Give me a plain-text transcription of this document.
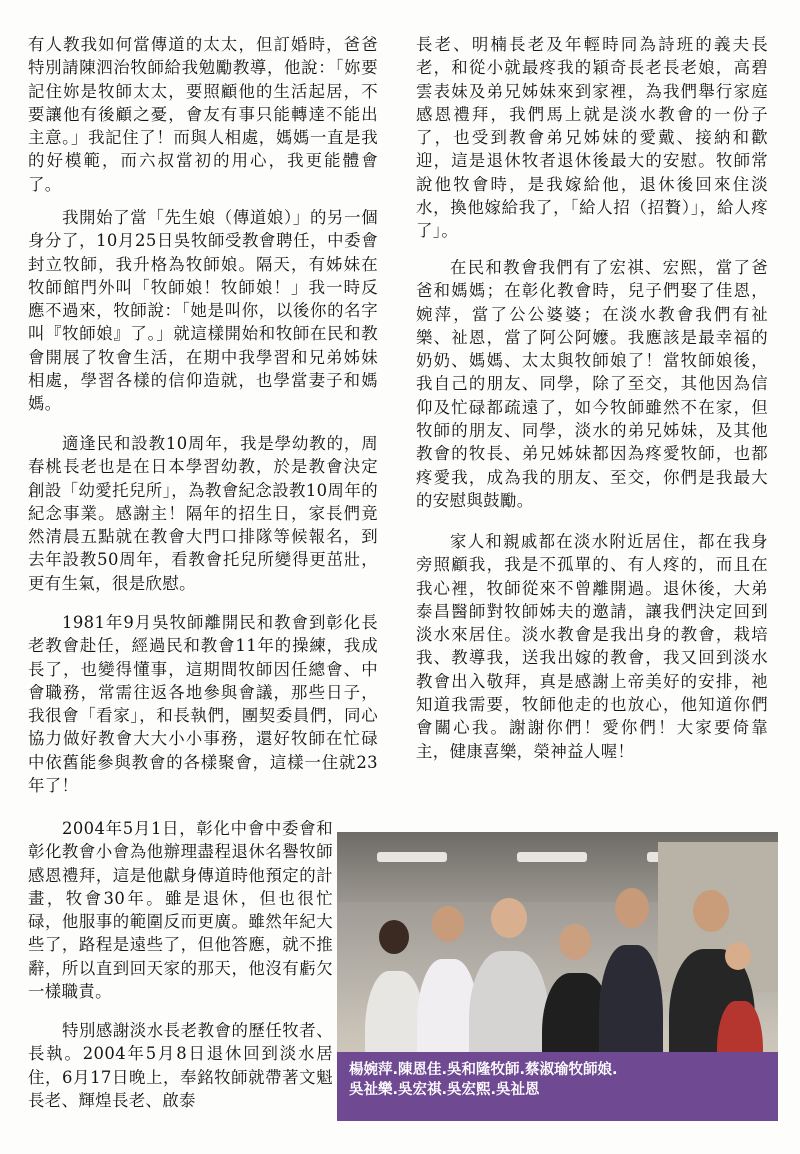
有人教我如何當傳道的太太，但訂婚時，爸爸特別請陳泗治牧師給我勉勵教導，他說：「妳要記住妳是牧師太太，要照顧他的生活起居，不要讓他有後顧之憂，會友有事只能轉達不能出主意。」我記住了！而與人相處，媽媽一直是我的好模範，而六叔當初的用心，我更能體會了。

我開始了當「先生娘（傳道娘）」的另一個身分了，10月25日吳牧師受教會聘任，中委會封立牧師，我升格為牧師娘。隔天，有姊妹在牧師館門外叫「牧師娘！牧師娘！」我一時反應不過來，牧師說：「她是叫你，以後你的名字叫『牧師娘』了。」就這樣開始和牧師在民和教會開展了牧會生活，在期中我學習和兄弟姊妹相處，學習各樣的信仰造就，也學當妻子和媽媽。

適逢民和設教10周年，我是學幼教的，周春桃長老也是在日本學習幼教，於是教會決定創設「幼愛托兒所」，為教會紀念設教10周年的紀念事業。感謝主！隔年的招生日，家長們竟然清晨五點就在教會大門口排隊等候報名，到去年設教50周年，看教會托兒所變得更茁壯，更有生氣，很是欣慰。

1981年9月吳牧師離開民和教會到彰化長老教會赴任，經過民和教會11年的操練，我成長了，也變得懂事，這期間牧師因任總會、中會職務，常需往返各地參與會議，那些日子，我很會「看家」，和長執們，團契委員們，同心協力做好教會大大小小事務，還好牧師在忙碌中依舊能參與教會的各樣聚會，這樣一住就23年了！

2004年5月1日，彰化中會中委會和彰化教會小會為他辦理盡程退休名譽牧師感恩禮拜，這是他獻身傳道時他預定的計畫，牧會30年。雖是退休，但也很忙碌，他服事的範圍反而更廣。雖然年紀大些了，路程是遠些了，但他答應，就不推辭，所以直到回天家的那天，他沒有虧欠一樣職責。

特別感謝淡水長老教會的歷任牧者、長執。2004年5月8日退休回到淡水居住，6月17日晚上，奉銘牧師就帶著文魁長老、輝煌長老、啟泰

長老、明楠長老及年輕時同為詩班的義夫長老，和從小就最疼我的穎奇長老長老娘，高碧雲表妹及弟兄姊妹來到家裡，為我們舉行家庭感恩禮拜，我們馬上就是淡水教會的一份子了，也受到教會弟兄姊妹的愛戴、接納和歡迎，這是退休牧者退休後最大的安慰。牧師常說他牧會時，是我嫁給他，退休後回來住淡水，換他嫁給我了，「給人招（招贅）」，給人疼了」。

在民和教會我們有了宏祺、宏熙，當了爸爸和媽媽；在彰化教會時，兒子們娶了佳恩，婉萍，當了公公婆婆；在淡水教會我們有祉樂、祉恩，當了阿公阿嬤。我應該是最幸福的奶奶、媽媽、太太與牧師娘了！當牧師娘後，我自己的朋友、同學，除了至交，其他因為信仰及忙碌都疏遠了，如今牧師雖然不在家，但牧師的朋友、同學，淡水的弟兄姊妹，及其他教會的牧長、弟兄姊妹都因為疼愛牧師，也都疼愛我，成為我的朋友、至交，你們是我最大的安慰與鼓勵。

家人和親戚都在淡水附近居住，都在我身旁照顧我，我是不孤單的、有人疼的，而且在我心裡，牧師從來不曾離開過。退休後，大弟泰昌醫師對牧師姊夫的邀請，讓我們決定回到淡水來居住。淡水教會是我出身的教會，栽培我、教導我，送我出嫁的教會，我又回到淡水教會出入敬拜，真是感謝上帝美好的安排，祂知道我需要，牧師他走的也放心，他知道你們會關心我。謝謝你們！愛你們！大家要倚靠主，健康喜樂，榮神益人喔！

楊婉萍.陳恩佳.吳和隆牧師.蔡淑瑜牧師娘.
吳祉樂.吳宏祺.吳宏熙.吳祉恩
